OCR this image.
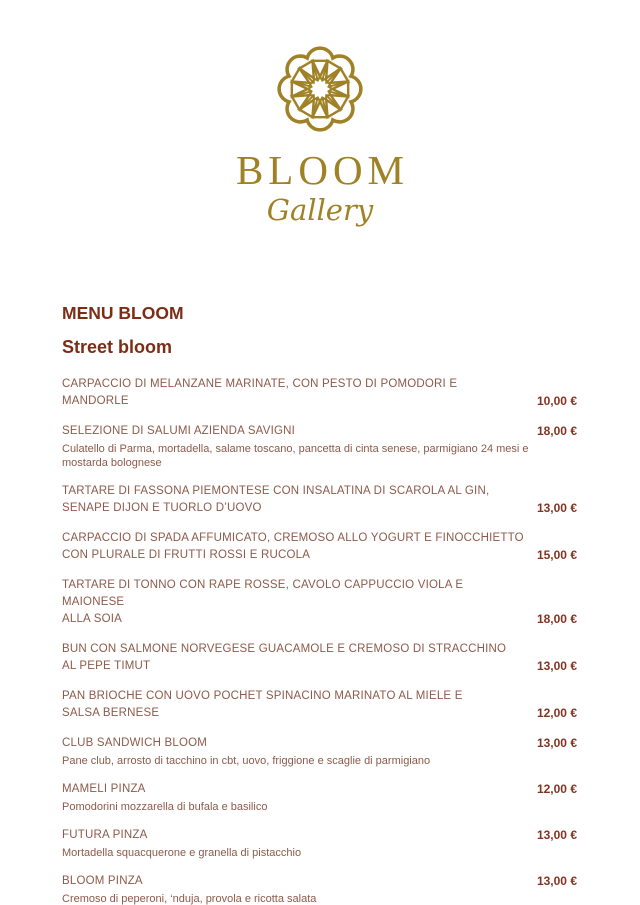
BLOOM
Gallery
MENU BLOOM
Street bloom
CARPACCIO DI MELANZANE MARINATE, CON PESTO DI POMODORI E MANDORLE	10,00 €
SELEZIONE DI SALUMI AZIENDA SAVIGNI	18,00 €
Culatello di Parma, mortadella, salame toscano, pancetta di cinta senese, parmigiano 24 mesi e
mostarda bolognese
TARTARE DI FASSONA PIEMONTESE CON INSALATINA DI SCAROLA AL GIN,
SENAPE DIJON E TUORLO D’UOVO	13,00 €
CARPACCIO DI SPADA AFFUMICATO, CREMOSO ALLO YOGURT E FINOCCHIETTO
CON PLURALE DI FRUTTI ROSSI E RUCOLA	15,00 €
TARTARE DI TONNO CON RAPE ROSSE, CAVOLO CAPPUCCIO VIOLA E MAIONESE
ALLA SOIA	18,00 €
BUN CON SALMONE NORVEGESE GUACAMOLE E CREMOSO DI STRACCHINO
AL PEPE TIMUT	13,00 €
PAN BRIOCHE CON UOVO POCHET SPINACINO MARINATO AL MIELE E
SALSA BERNESE	12,00 €
CLUB SANDWICH BLOOM	13,00 €
Pane club, arrosto di tacchino in cbt, uovo, friggione e scaglie di parmigiano
MAMELI PINZA	12,00 €
Pomodorini mozzarella di bufala e basilico
FUTURA PINZA	13,00 €
Mortadella squacquerone e granella di pistacchio
BLOOM PINZA	13,00 €
Cremoso di peperoni, ‘nduja, provola e ricotta salata
